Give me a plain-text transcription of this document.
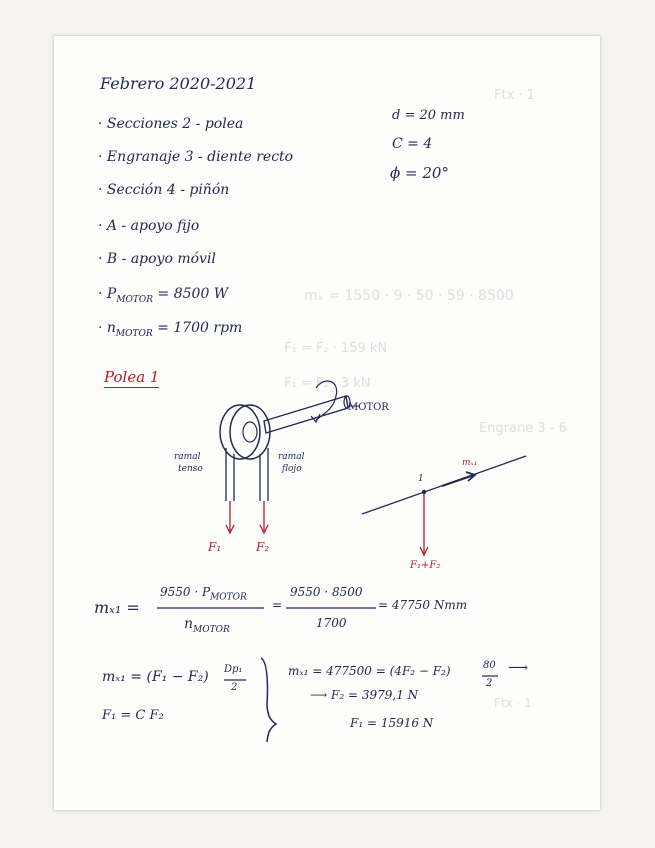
Ftx · 1
mₓ = 1550 · 9 · 50 · 59 · 8500
F₁ = F₂ · 159 kN
F₁ = F₂ · 3 kN
Engrane 3 - 6
Ftx · 1
Febrero 2020-2021
· Secciones 2 - polea
· Engranaje 3 - diente recto
· Sección 4 - piñón
· A - apoyo fijo
· B - apoyo móvil
· $P_{MOTOR} = 8500$ W
· $n_{MOTOR} = 1700$ rpm
d = 20 mm
C = 4
ϕ = 20°
Polea 1
MOTOR
ramal
tenso
ramal
flojo
F₁	F₂
1
mₓ₁
F₁+F₂
mₓ₁ =
$9550 \cdot P_{MOTOR}$
$n_{MOTOR}$
=
9550 · 8500
1700
= 47750 Nmm
mₓ₁ = (F₁ − F₂) Dp₁
2
F₁ = C F₂
mₓ₁ = 477500 = (4F₂ − F₂)	80
2
⟶
⟶ F₂ = 3979,1 N
F₁ = 15916 N
